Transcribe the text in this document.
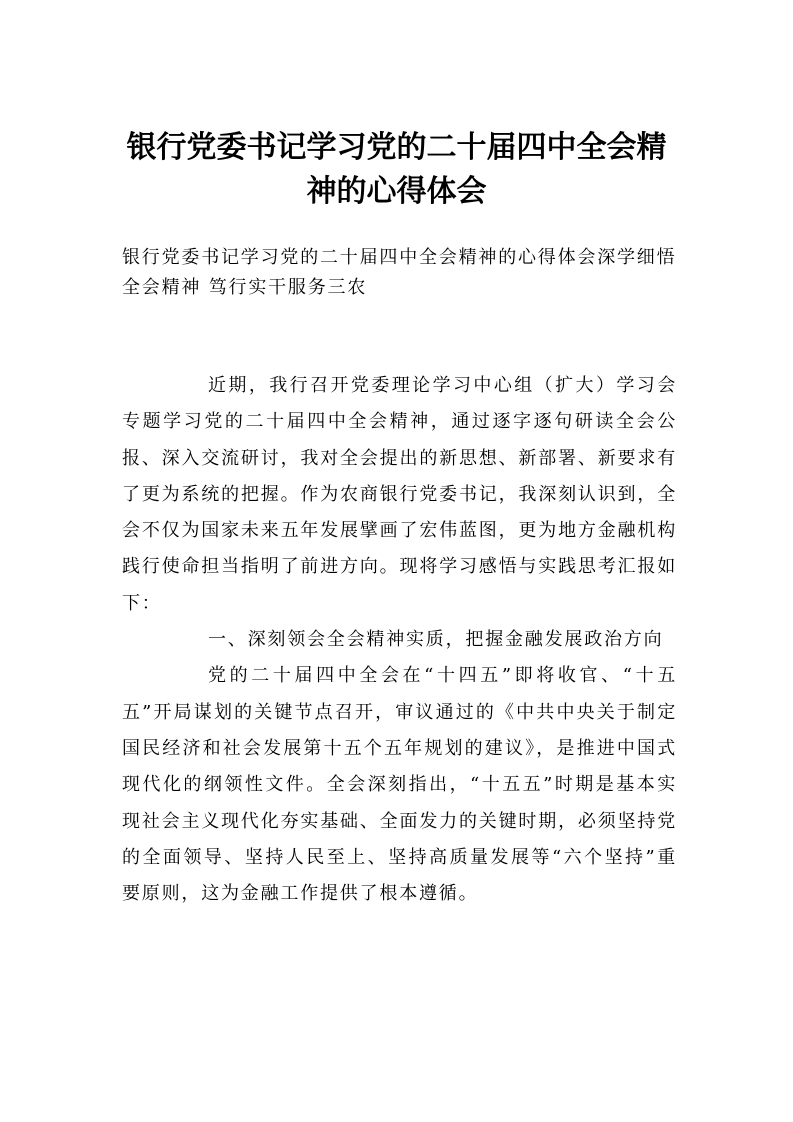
银行党委书记学习党的二十届四中全会精神的心得体会

银行党委书记学习党的二十届四中全会精神的心得体会深学细悟全会精神 笃行实干服务三农

近期，我行召开党委理论学习中心组（扩大）学习会专题学习党的二十届四中全会精神，通过逐字逐句研读全会公报、深入交流研讨，我对全会提出的新思想、新部署、新要求有了更为系统的把握。作为农商银行党委书记，我深刻认识到，全会不仅为国家未来五年发展擘画了宏伟蓝图，更为地方金融机构践行使命担当指明了前进方向。现将学习感悟与实践思考汇报如下：

一、深刻领会全会精神实质，把握金融发展政治方向

党的二十届四中全会在“十四五”即将收官、“十五五”开局谋划的关键节点召开，审议通过的《中共中央关于制定国民经济和社会发展第十五个五年规划的建议》，是推进中国式现代化的纲领性文件。全会深刻指出，“十五五”时期是基本实现社会主义现代化夯实基础、全面发力的关键时期，必须坚持党的全面领导、坚持人民至上、坚持高质量发展等“六个坚持”重要原则，这为金融工作提供了根本遵循。
